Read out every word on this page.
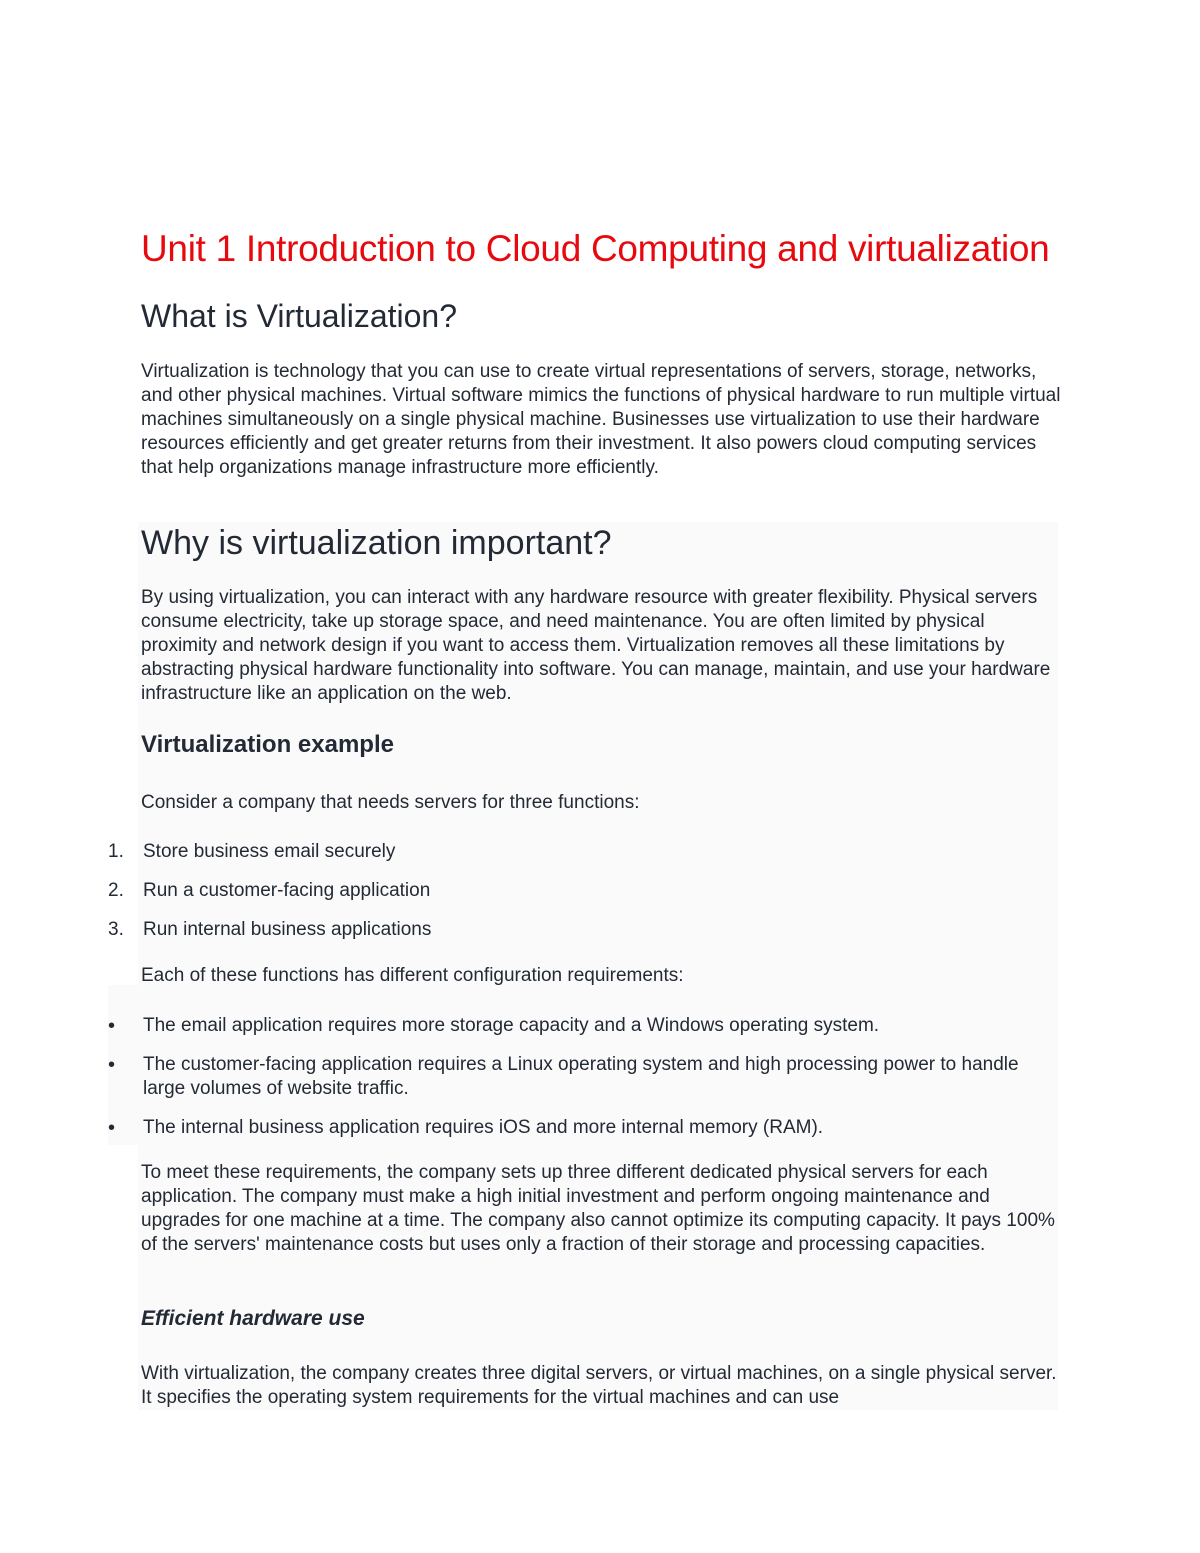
Unit 1 Introduction to Cloud Computing and virtualization
What is Virtualization?

Virtualization is technology that you can use to create virtual representations of servers, storage, networks, and other physical machines. Virtual software mimics the functions of physical hardware to run multiple virtual machines simultaneously on a single physical machine. Businesses use virtualization to use their hardware resources efficiently and get greater returns from their investment. It also powers cloud computing services that help organizations manage infrastructure more efficiently.

Why is virtualization important?

By using virtualization, you can interact with any hardware resource with greater flexibility. Physical servers consume electricity, take up storage space, and need maintenance. You are often limited by physical proximity and network design if you want to access them. Virtualization removes all these limitations by abstracting physical hardware functionality into software. You can manage, maintain, and use your hardware infrastructure like an application on the web.

Virtualization example

Consider a company that needs servers for three functions:

1. Store business email securely
2. Run a customer-facing application
3. Run internal business applications

Each of these functions has different configuration requirements:

• The email application requires more storage capacity and a Windows operating system.
• The customer-facing application requires a Linux operating system and high processing power to handle large volumes of website traffic.
• The internal business application requires iOS and more internal memory (RAM).

To meet these requirements, the company sets up three different dedicated physical servers for each application. The company must make a high initial investment and perform ongoing maintenance and upgrades for one machine at a time. The company also cannot optimize its computing capacity. It pays 100% of the servers' maintenance costs but uses only a fraction of their storage and processing capacities.

Efficient hardware use

With virtualization, the company creates three digital servers, or virtual machines, on a single physical server. It specifies the operating system requirements for the virtual machines and can use
